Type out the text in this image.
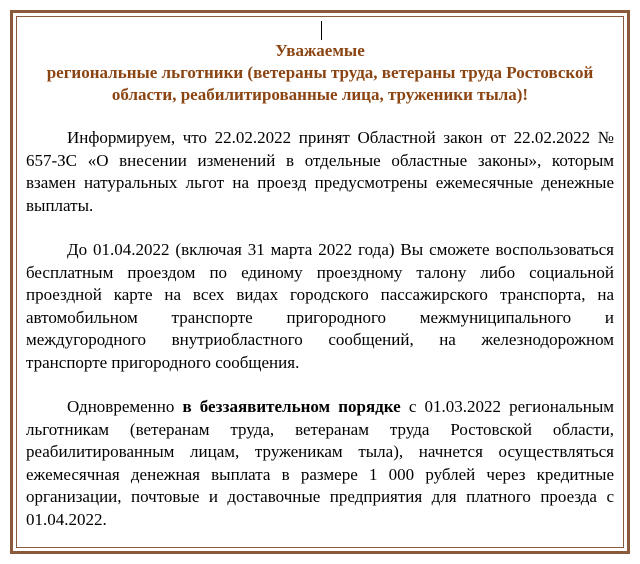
Уважаемые
региональные льготники (ветераны труда, ветераны труда Ростовской области, реабилитированные лица, труженики тыла)!

Информируем, что 22.02.2022 принят Областной закон от 22.02.2022 № 657-ЗС «О внесении изменений в отдельные областные законы», которым взамен натуральных льгот на проезд предусмотрены ежемесячные денежные выплаты.

До 01.04.2022 (включая 31 марта 2022 года) Вы сможете воспользоваться бесплатным проездом по единому проездному талону либо социальной проездной карте на всех видах городского пассажирского транспорта, на автомобильном транспорте пригородного межмуниципального и междугородного внутриобластного сообщений, на железнодорожном транспорте пригородного сообщения.

Одновременно в беззаявительном порядке с 01.03.2022 региональным льготникам (ветеранам труда, ветеранам труда Ростовской области, реабилитированным лицам, труженикам тыла), начнется осуществляться ежемесячная денежная выплата в размере 1 000 рублей через кредитные организации, почтовые и доставочные предприятия для платного проезда с 01.04.2022.
